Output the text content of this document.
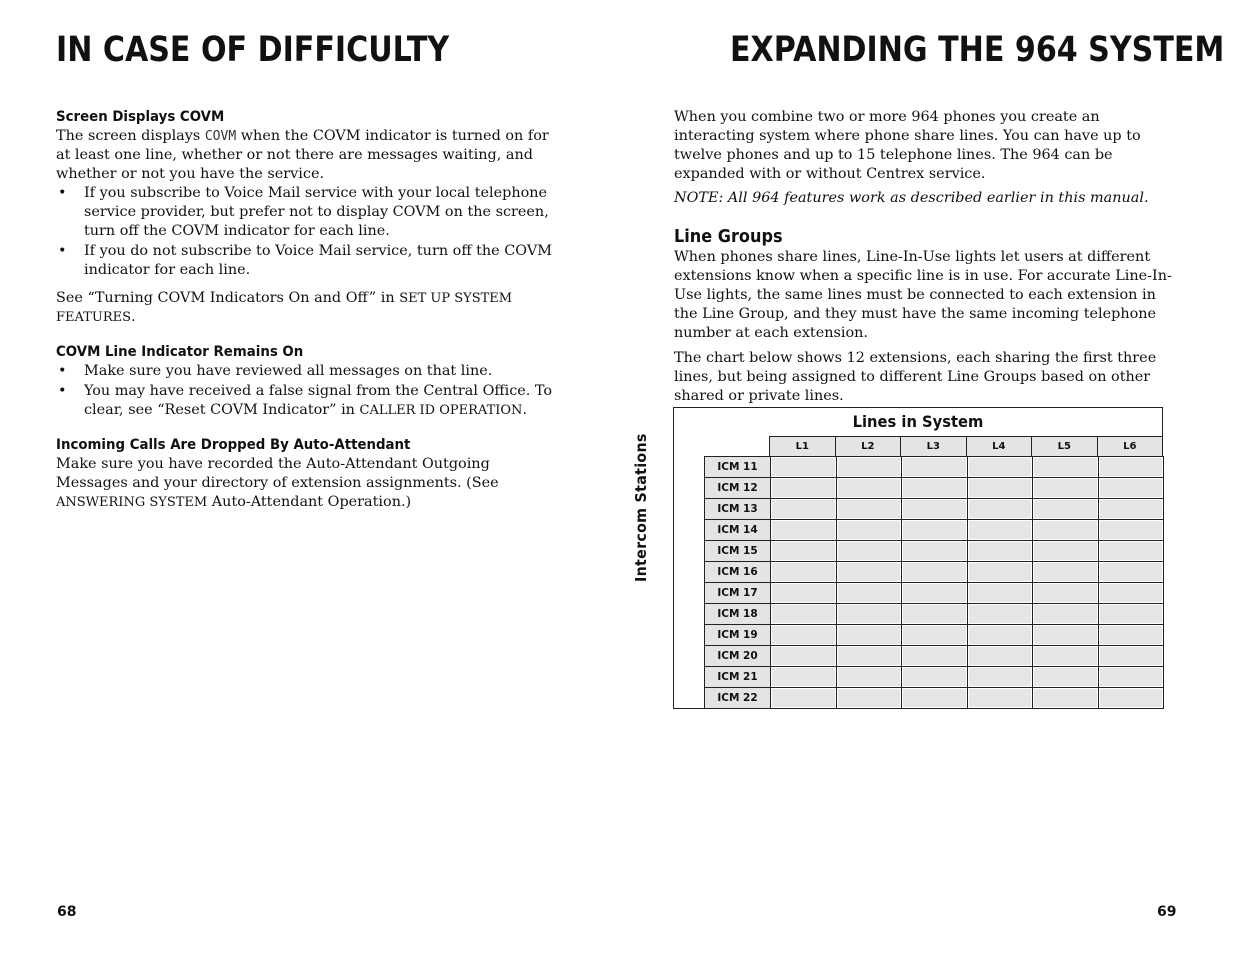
IN CASE OF DIFFICULTY
Screen Displays COVM

The screen displays COVM when the COVM indicator is turned on for at least one line, whether or not there are messages waiting, and whether or not you have the service.

• If you subscribe to Voice Mail service with your local telephone service provider, but prefer not to display COVM on the screen, turn off the COVM indicator for each line.
• If you do not subscribe to Voice Mail service, turn off the COVM indicator for each line.

See “Turning COVM Indicators On and Off” in SET UP SYSTEM FEATURES.

COVM Line Indicator Remains On
• Make sure you have reviewed all messages on that line.
• You may have received a false signal from the Central Office. To clear, see “Reset COVM Indicator” in CALLER ID OPERATION.
Incoming Calls Are Dropped By Auto-Attendant

Make sure you have recorded the Auto-Attendant Outgoing Messages and your directory of extension assignments. (See ANSWERING SYSTEM Auto-Attendant Operation.)

68

EXPANDING THE 964 SYSTEM

When you combine two or more 964 phones you create an interacting system where phone share lines. You can have up to twelve phones and up to 15 telephone lines. The 964 can be expanded with or without Centrex service.

NOTE: All 964 features work as described earlier in this manual.

Line Groups

When phones share lines, Line-In-Use lights let users at different extensions know when a specific line is in use. For accurate Line-In-Use lights, the same lines must be connected to each extension in the Line Group, and they must have the same incoming telephone number at each extension.

The chart below shows 12 extensions, each sharing the first three lines, but being assigned to different Line Groups based on other shared or private lines.

Lines in System

L1	L2	L3	L4	L5	L6
ICM 11
ICM 12
ICM 13
ICM 14
ICM 15
ICM 16
ICM 17
ICM 18
ICM 19
ICM 20
ICM 21
ICM 22

Intercom Stations

69
